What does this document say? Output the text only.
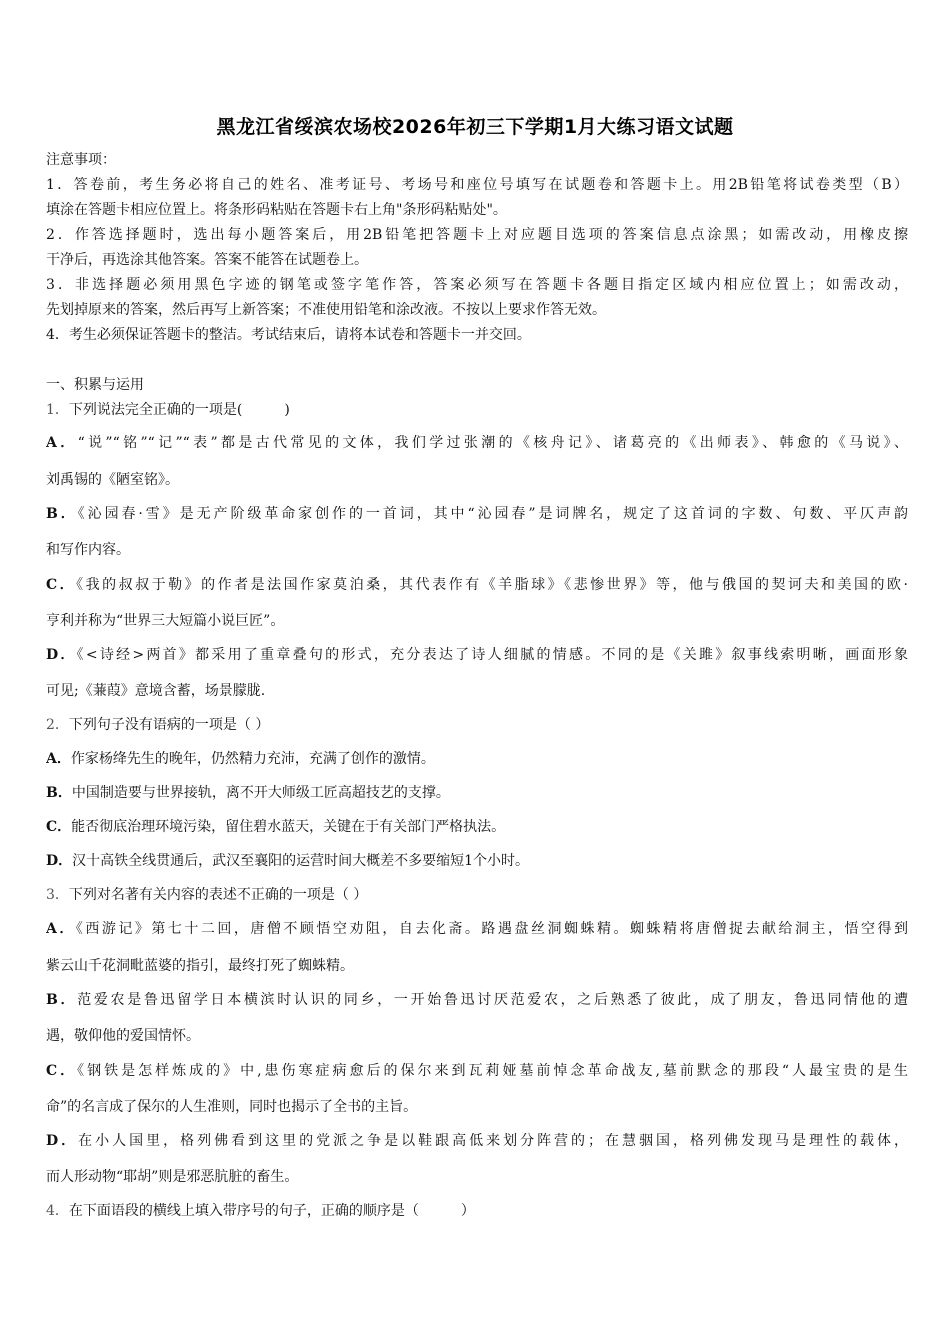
黑龙江省绥滨农场校2026年初三下学期1月大练习语文试题
注意事项：
1．答卷前，考生务必将自己的姓名、准考证号、考场号和座位号填写在试题卷和答题卡上。用2B铅笔将试卷类型（B）
填涂在答题卡相应位置上。将条形码粘贴在答题卡右上角"条形码粘贴处"。
2．作答选择题时，选出每小题答案后，用2B铅笔把答题卡上对应题目选项的答案信息点涂黑；如需改动，用橡皮擦
干净后，再选涂其他答案。答案不能答在试题卷上。
3．非选择题必须用黑色字迹的钢笔或签字笔作答，答案必须写在答题卡各题目指定区域内相应位置上；如需改动，
先划掉原来的答案，然后再写上新答案；不准使用铅笔和涂改液。不按以上要求作答无效。
4．考生必须保证答题卡的整洁。考试结束后，请将本试卷和答题卡一并交回。
一、积累与运用
1．下列说法完全正确的一项是(　　　)
A．“说”“铭”“记”“表”都是古代常见的文体，我们学过张潮的《核舟记》、诸葛亮的《出师表》、韩愈的《马说》、
刘禹锡的《陋室铭》。
B．《沁园春·雪》是无产阶级革命家创作的一首词，其中“沁园春”是词牌名，规定了这首词的字数、句数、平仄声韵
和写作内容。
C．《我的叔叔于勒》的作者是法国作家莫泊桑，其代表作有《羊脂球》《悲惨世界》等，他与俄国的契诃夫和美国的欧·
亨利并称为“世界三大短篇小说巨匠”。
D．《<诗经>两首》都采用了重章叠句的形式，充分表达了诗人细腻的情感。不同的是《关雎》叙事线索明晰，画面形象
可见;《蒹葭》意境含蓄，场景朦胧.
2．下列句子没有语病的一项是（ ）
A．作家杨绛先生的晚年，仍然精力充沛，充满了创作的激情。
B．中国制造要与世界接轨，离不开大师级工匠高超技艺的支撑。
C．能否彻底治理环境污染，留住碧水蓝天，关键在于有关部门严格执法。
D．汉十高铁全线贯通后，武汉至襄阳的运营时间大概差不多要缩短1个小时。
3．下列对名著有关内容的表述不正确的一项是（ ）
A．《西游记》第七十二回，唐僧不顾悟空劝阻，自去化斋。路遇盘丝洞蜘蛛精。蜘蛛精将唐僧捉去献给洞主，悟空得到
紫云山千花洞毗蓝婆的指引，最终打死了蜘蛛精。
B．范爱农是鲁迅留学日本横滨时认识的同乡，一开始鲁迅讨厌范爱农，之后熟悉了彼此，成了朋友，鲁迅同情他的遭
遇，敬仰他的爱国情怀。
C．《钢铁是怎样炼成的》中,患伤寒症病愈后的保尔来到瓦莉娅墓前悼念革命战友,墓前默念的那段“人最宝贵的是生
命”的名言成了保尔的人生准则，同时也揭示了全书的主旨。
D．在小人国里，格列佛看到这里的党派之争是以鞋跟高低来划分阵营的；在慧骃国，格列佛发现马是理性的载体，
而人形动物“耶胡”则是邪恶肮脏的畜生。
4．在下面语段的横线上填入带序号的句子，正确的顺序是（　　　）
